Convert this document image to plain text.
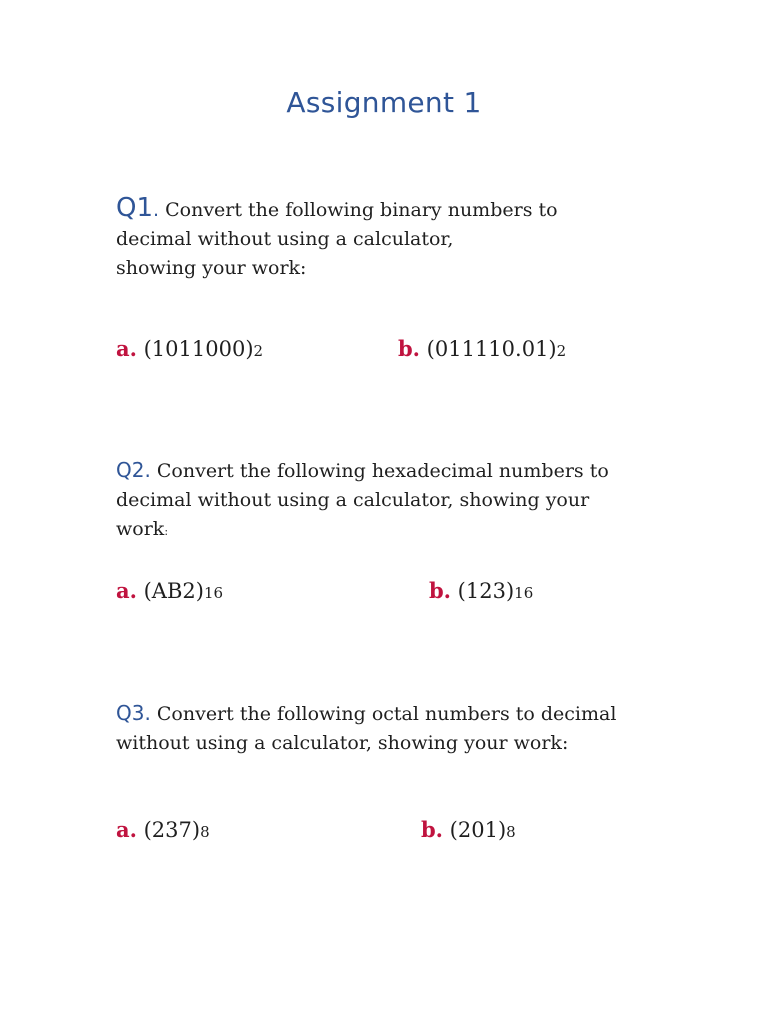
Assignment 1
Q1. Convert the following binary numbers to
decimal without using a calculator,
showing your work:
a. (1011000)2	b. (011110.01)2
Q2. Convert the following hexadecimal numbers to
decimal without using a calculator, showing your
work:
a. (AB2)16	b. (123)16
Q3. Convert the following octal numbers to decimal
without using a calculator, showing your work:
a. (237)8	b. (201)8
